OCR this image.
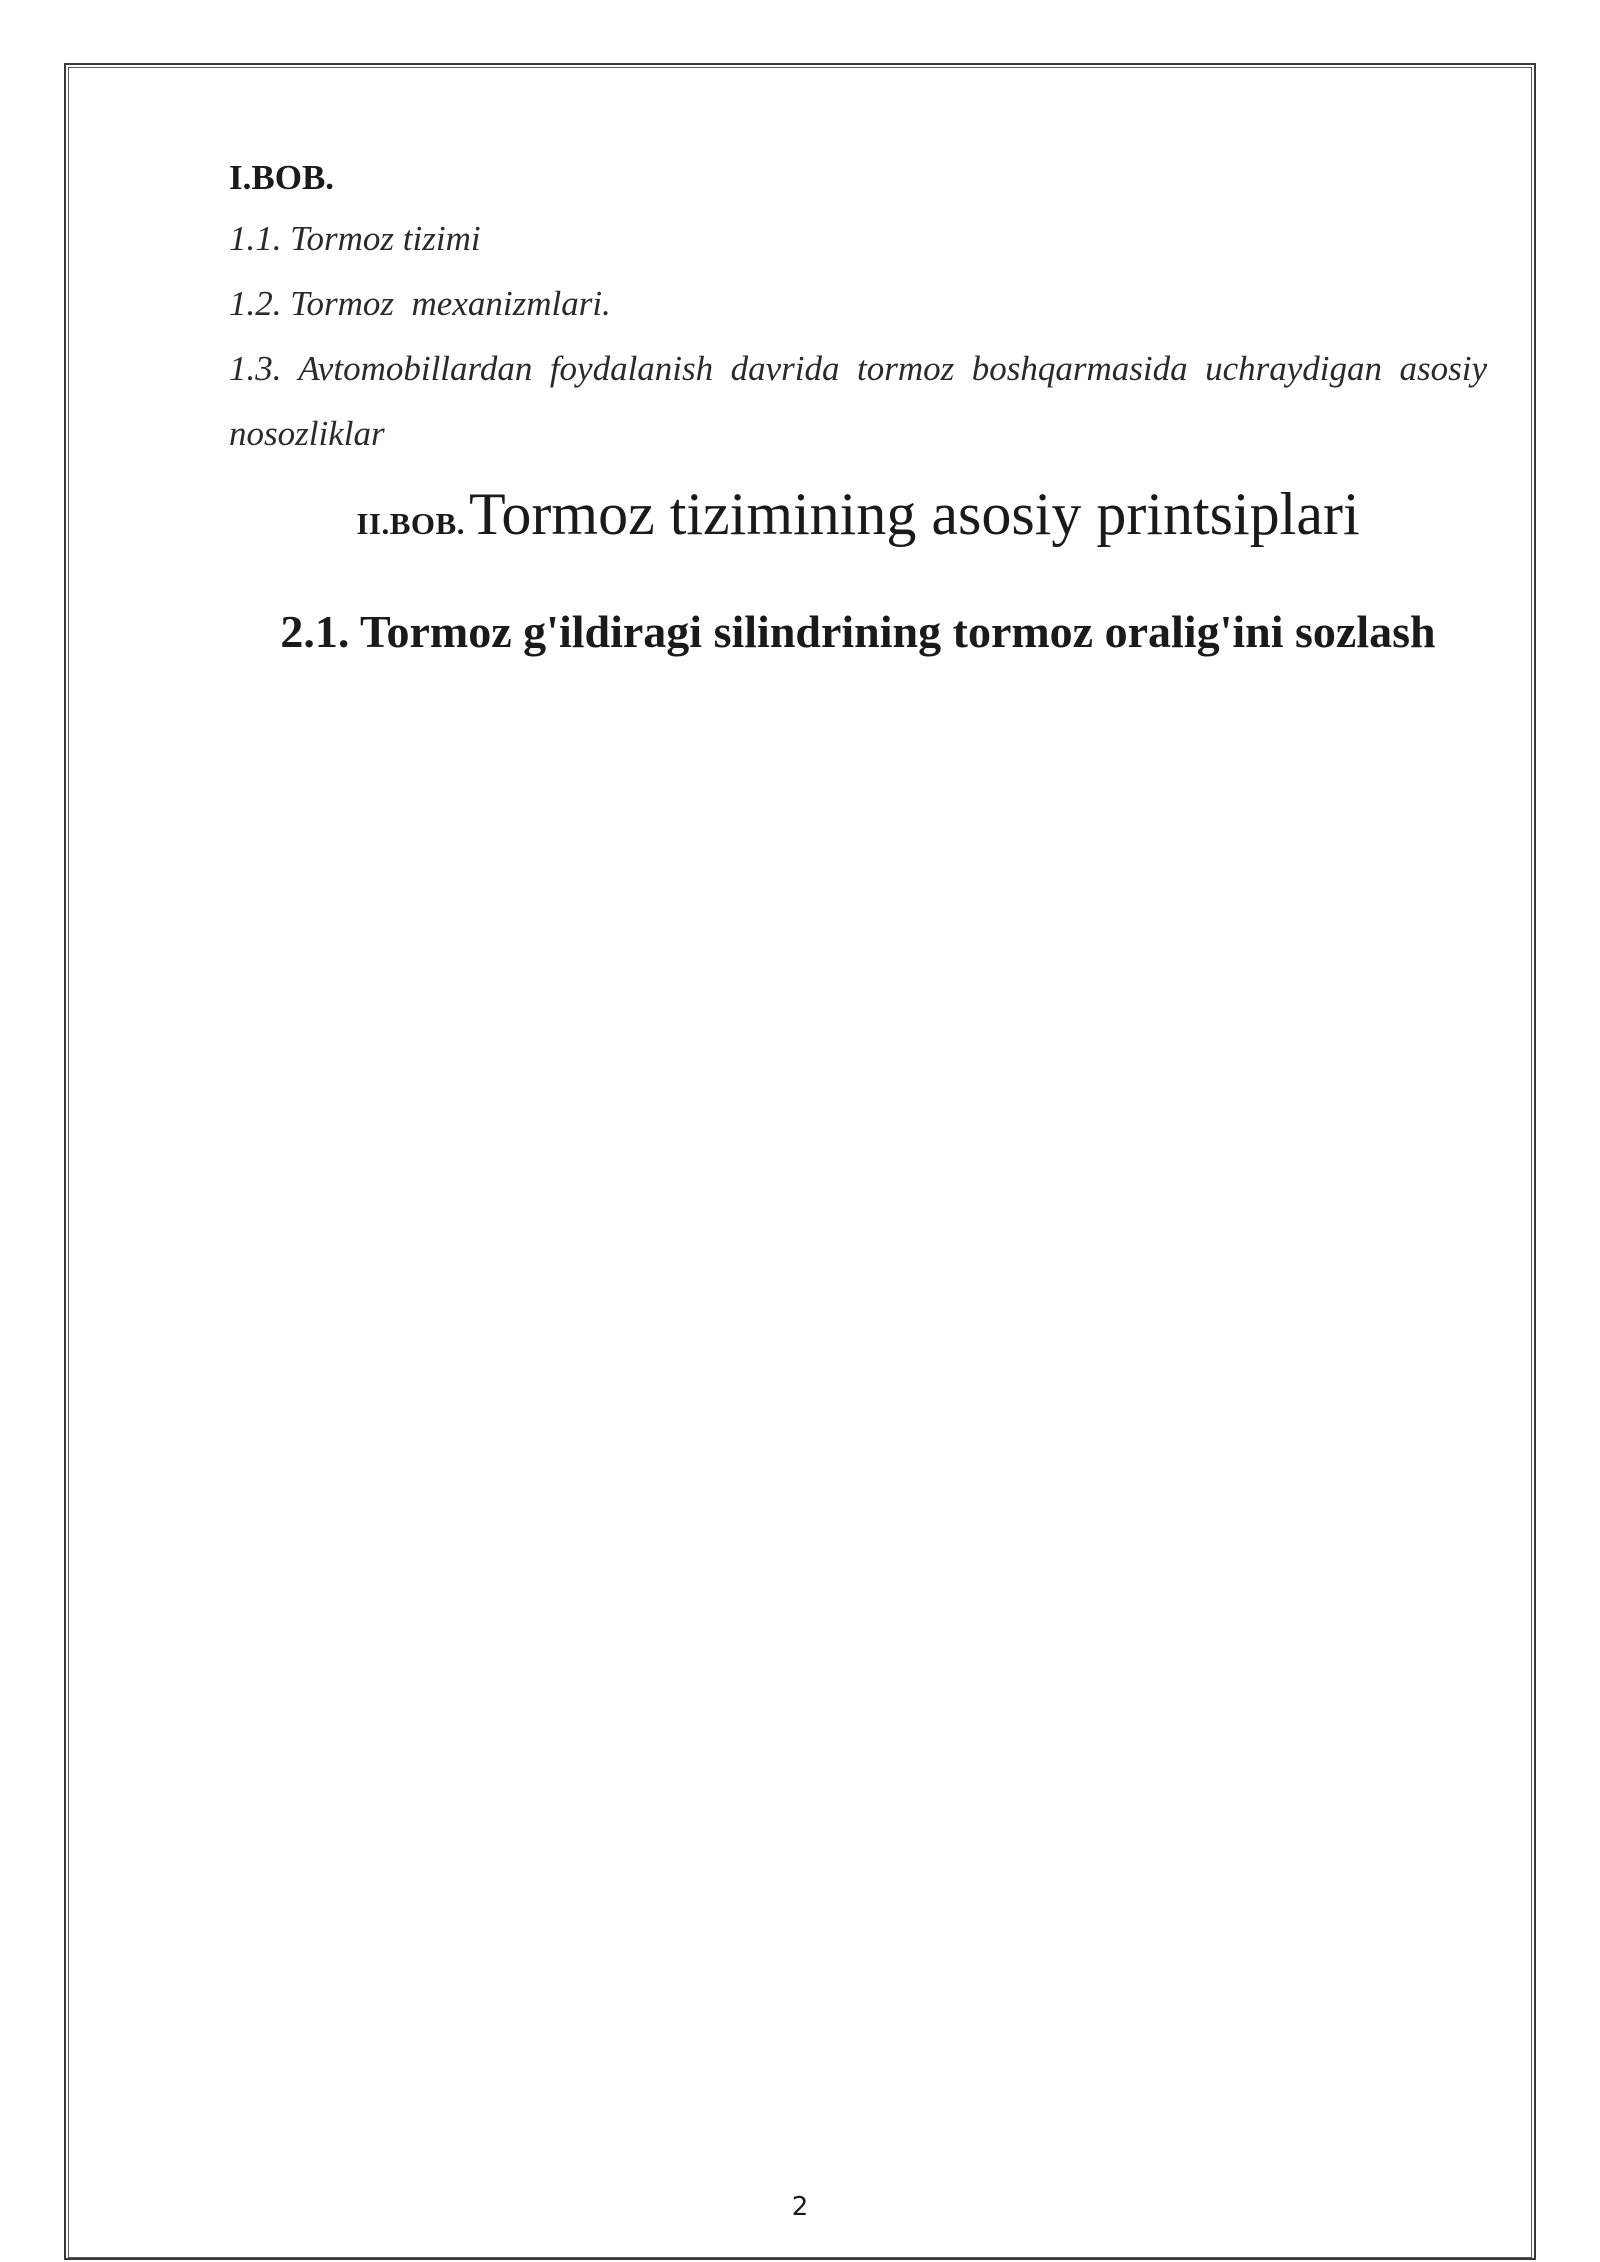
I.BOB.

1.1. Tormoz tizimi

1.2. Tormoz  mexanizmlari.

1.3. Avtomobillardan foydalanish davrida tormoz boshqarmasida uchraydigan asosiy nosozliklar

II.BOB. Tormoz tizimining asosiy printsiplari

2.1. Tormoz g'ildiragi silindrining tormoz oralig'ini sozlash

2
